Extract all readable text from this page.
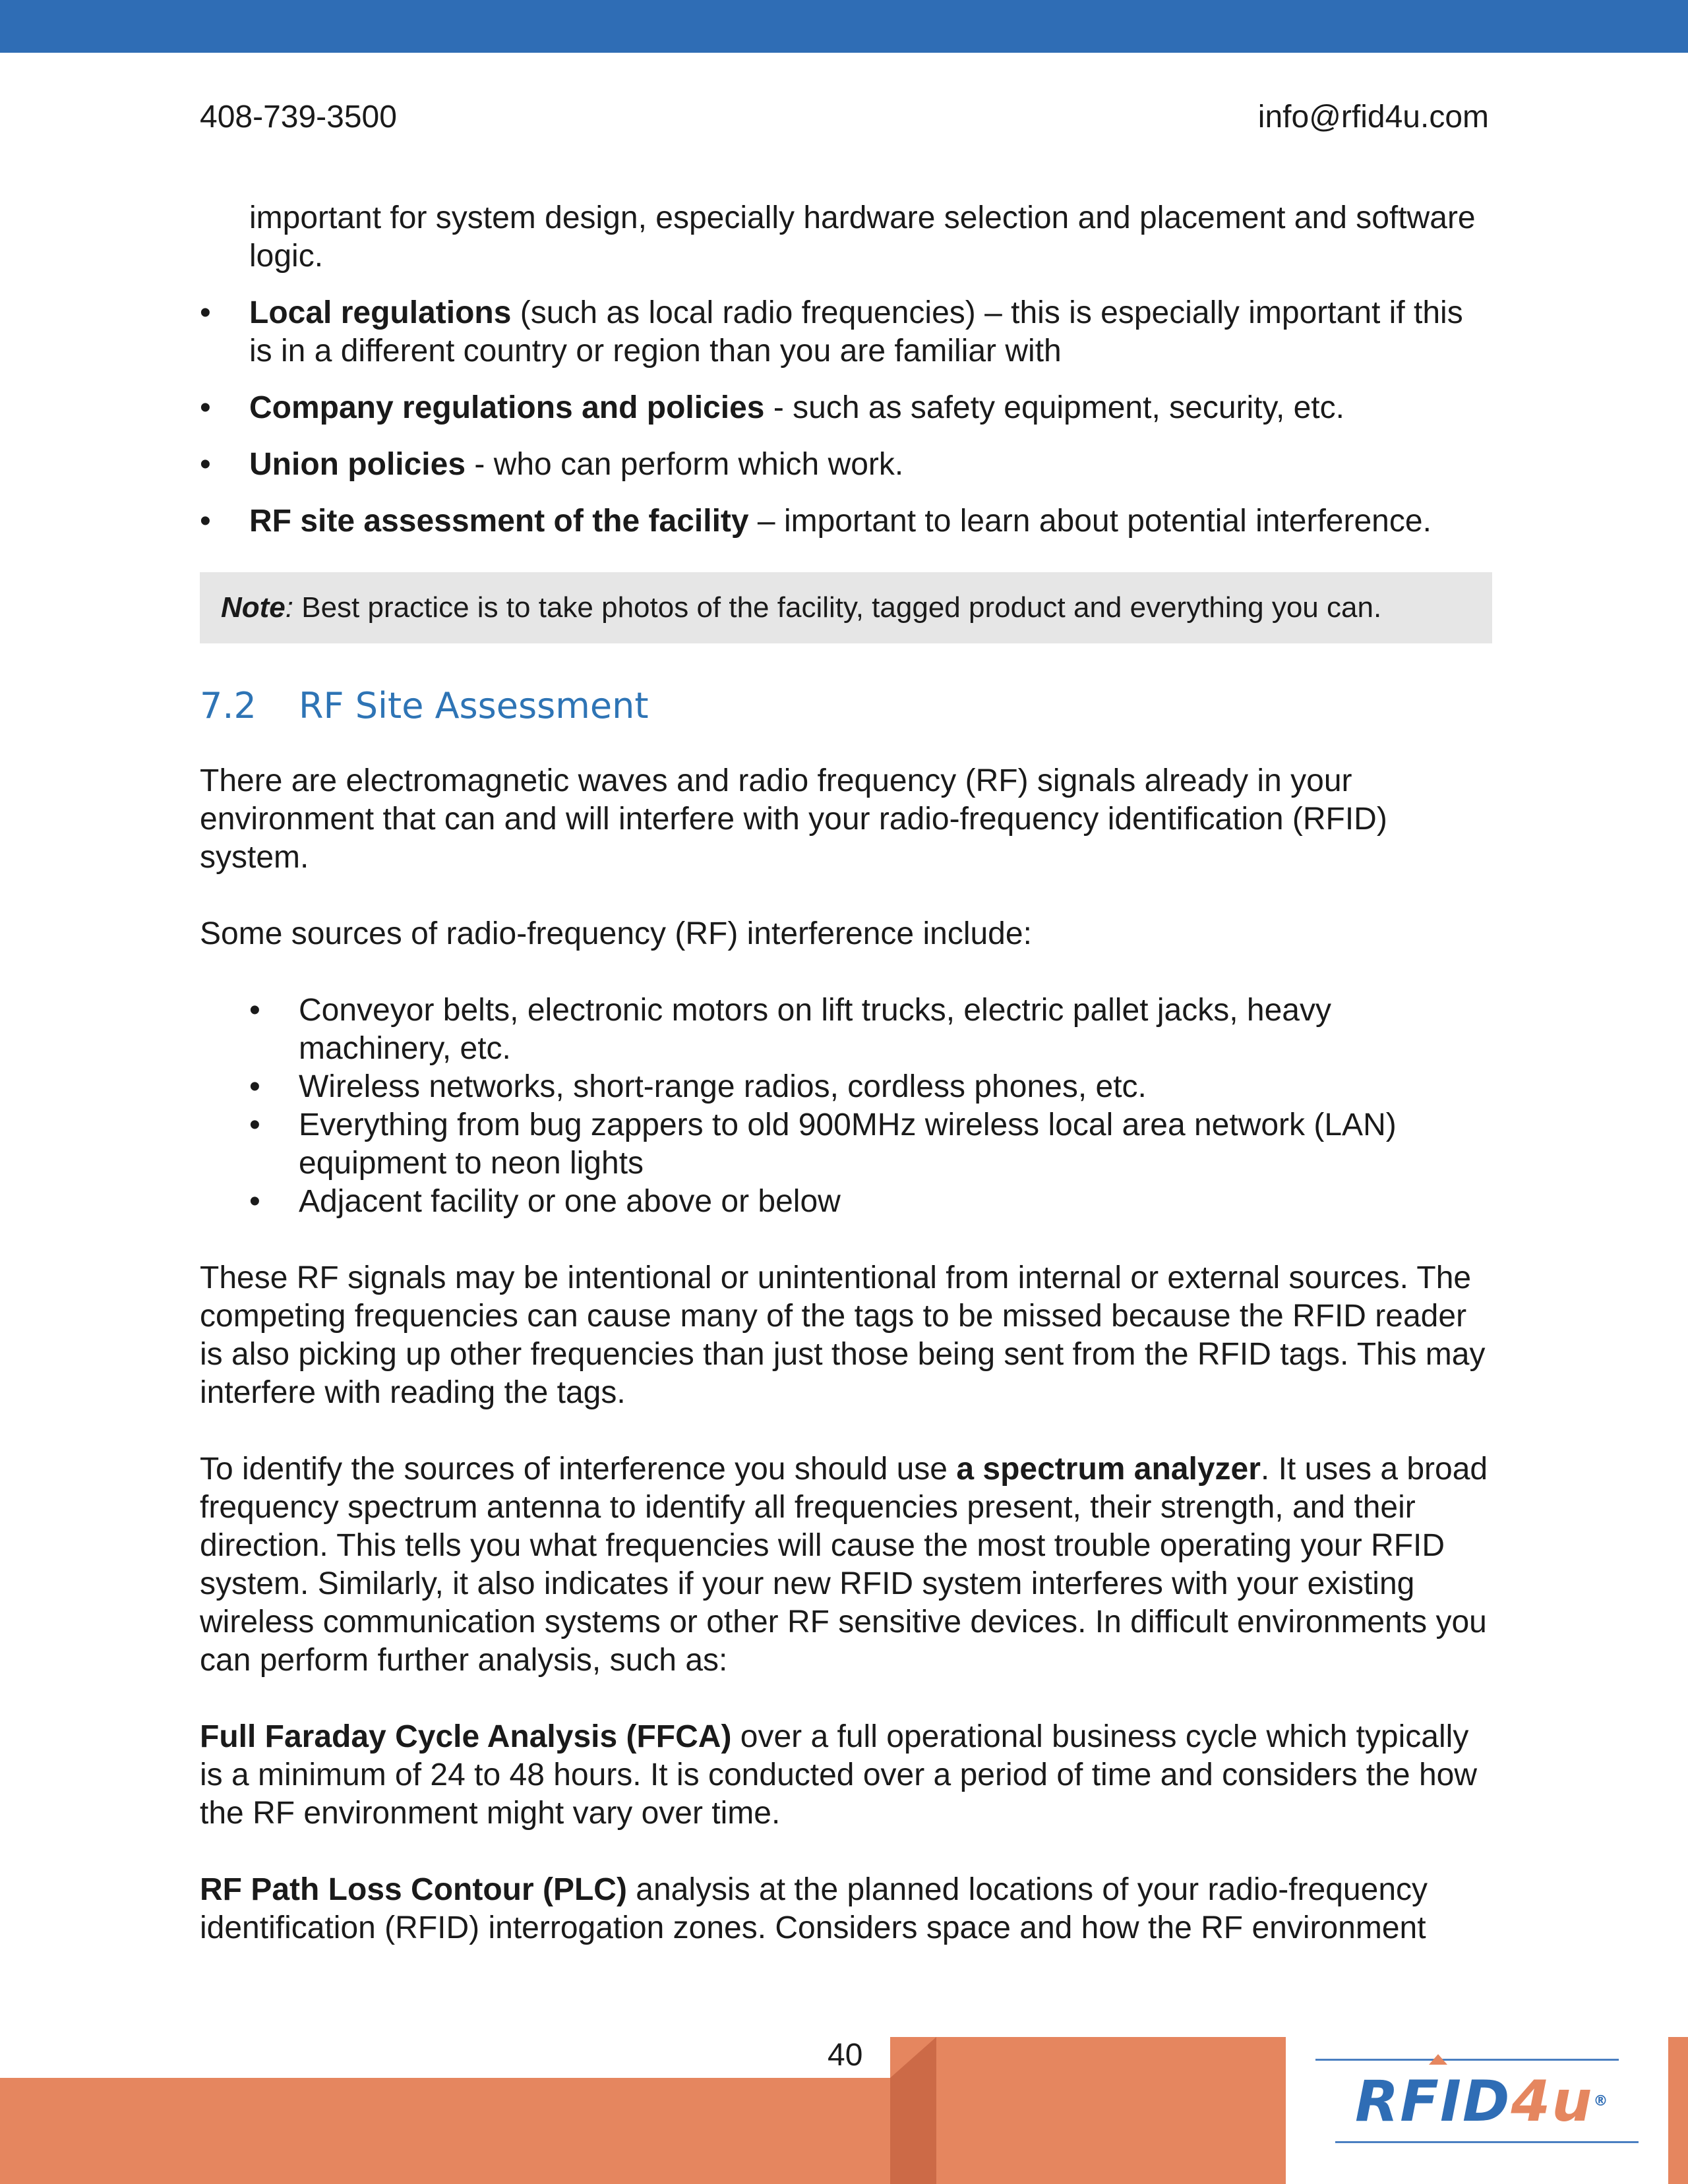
408-739-3500	info@rfid4u.com
important for system design, especially hardware selection and placement and software logic.
• Local regulations (such as local radio frequencies) – this is especially important if this is in a different country or region than you are familiar with
• Company regulations and policies - such as safety equipment, security, etc.
• Union policies - who can perform which work.
• RF site assessment of the facility – important to learn about potential interference.
Note: Best practice is to take photos of the facility, tagged product and everything you can.
7.2 RF Site Assessment

There are electromagnetic waves and radio frequency (RF) signals already in your environment that can and will interfere with your radio-frequency identification (RFID) system.

Some sources of radio-frequency (RF) interference include:

• Conveyor belts, electronic motors on lift trucks, electric pallet jacks, heavy machinery, etc.
• Wireless networks, short-range radios, cordless phones, etc.
• Everything from bug zappers to old 900MHz wireless local area network (LAN) equipment to neon lights
• Adjacent facility or one above or below

These RF signals may be intentional or unintentional from internal or external sources. The competing frequencies can cause many of the tags to be missed because the RFID reader is also picking up other frequencies than just those being sent from the RFID tags. This may interfere with reading the tags.

To identify the sources of interference you should use a spectrum analyzer. It uses a broad frequency spectrum antenna to identify all frequencies present, their strength, and their direction. This tells you what frequencies will cause the most trouble operating your RFID system. Similarly, it also indicates if your new RFID system interferes with your existing wireless communication systems or other RF sensitive devices. In difficult environments you can perform further analysis, such as:

Full Faraday Cycle Analysis (FFCA) over a full operational business cycle which typically is a minimum of 24 to 48 hours. It is conducted over a period of time and considers the how the RF environment might vary over time.

RF Path Loss Contour (PLC) analysis at the planned locations of your radio-frequency identification (RFID) interrogation zones. Considers space and how the RF environment

40
RFID4u®
